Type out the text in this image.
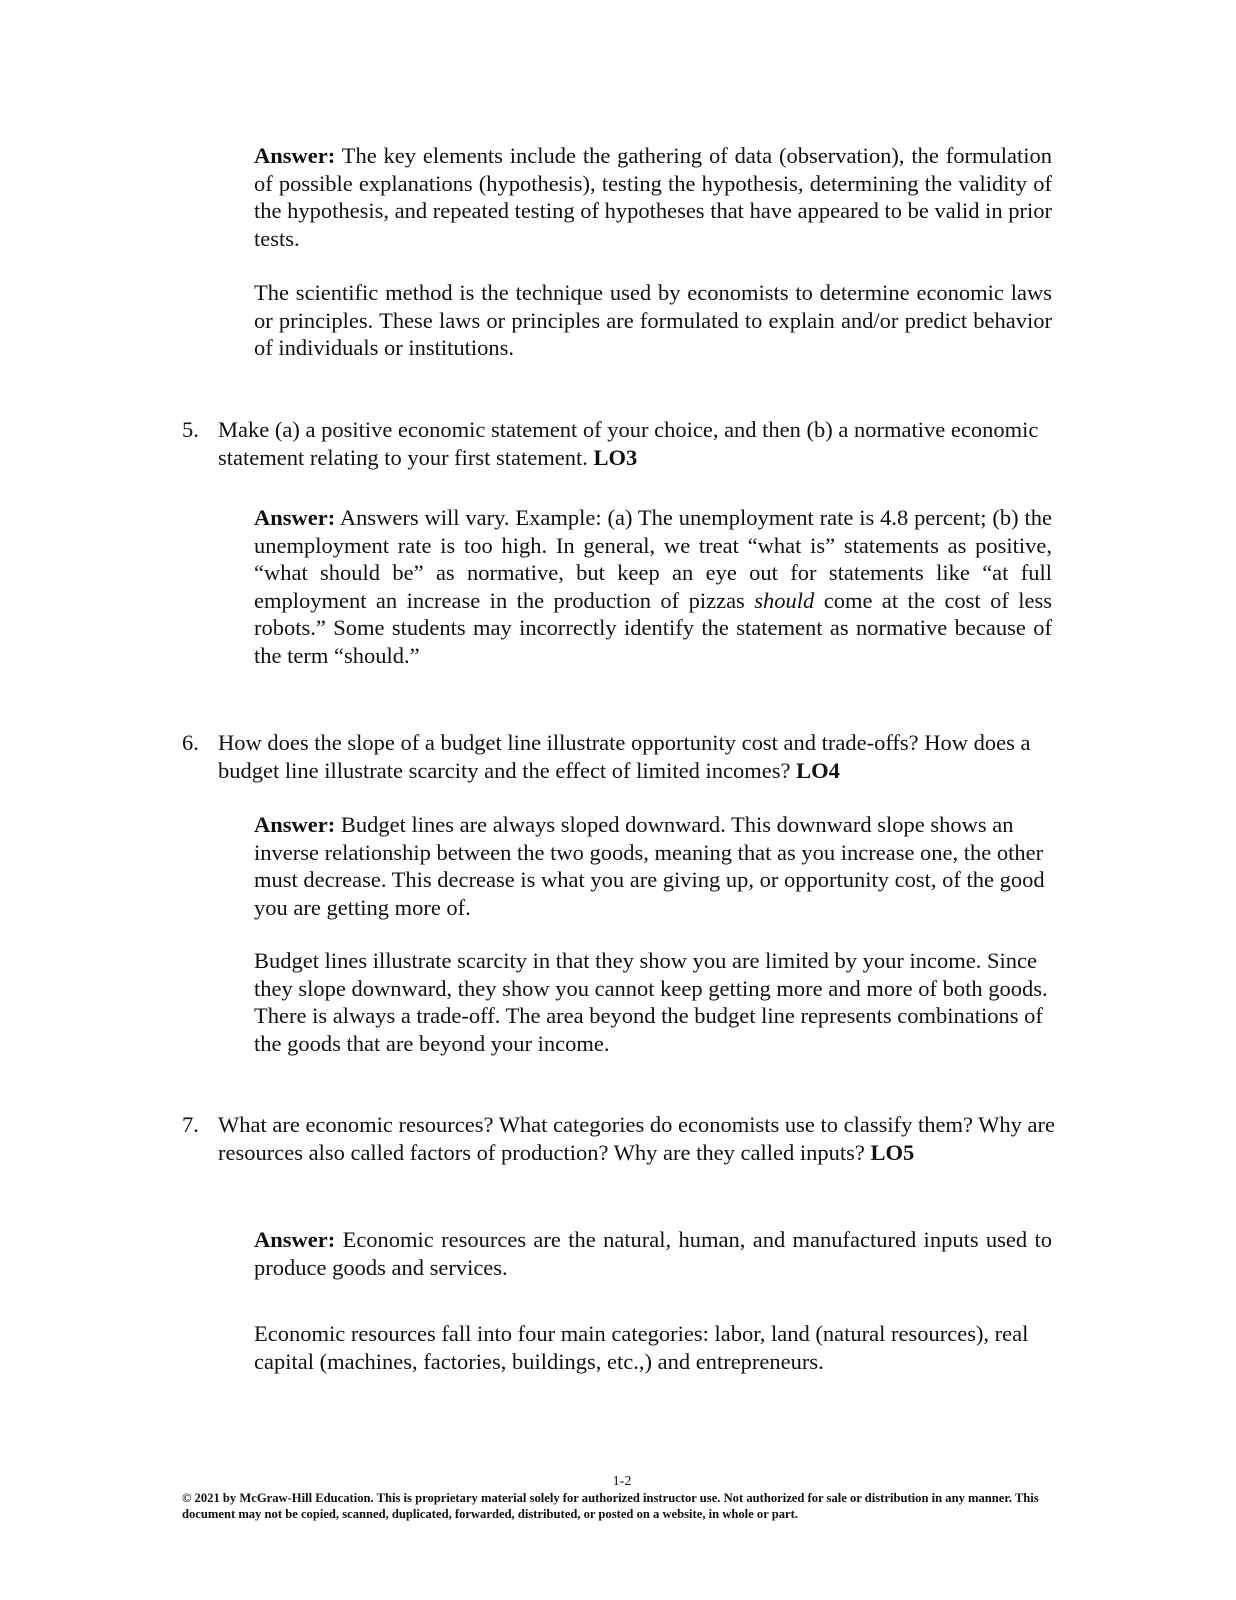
Answer: The key elements include the gathering of data (observation), the formulation of possible explanations (hypothesis), testing the hypothesis, determining the validity of the hypothesis, and repeated testing of hypotheses that have appeared to be valid in prior tests.
The scientific method is the technique used by economists to determine economic laws or principles. These laws or principles are formulated to explain and/or predict behavior of individuals or institutions.
5. Make (a) a positive economic statement of your choice, and then (b) a normative economic statement relating to your first statement. LO3
Answer: Answers will vary. Example: (a) The unemployment rate is 4.8 percent; (b) the unemployment rate is too high. In general, we treat “what is” statements as positive, “what should be” as normative, but keep an eye out for statements like “at full employment an increase in the production of pizzas should come at the cost of less robots.” Some students may incorrectly identify the statement as normative because of the term “should.”
6. How does the slope of a budget line illustrate opportunity cost and trade-offs? How does a budget line illustrate scarcity and the effect of limited incomes? LO4
Answer: Budget lines are always sloped downward. This downward slope shows an inverse relationship between the two goods, meaning that as you increase one, the other must decrease. This decrease is what you are giving up, or opportunity cost, of the good you are getting more of.
Budget lines illustrate scarcity in that they show you are limited by your income. Since they slope downward, they show you cannot keep getting more and more of both goods. There is always a trade-off. The area beyond the budget line represents combinations of the goods that are beyond your income.
7. What are economic resources? What categories do economists use to classify them? Why are resources also called factors of production? Why are they called inputs? LO5
Answer: Economic resources are the natural, human, and manufactured inputs used to produce goods and services.
Economic resources fall into four main categories: labor, land (natural resources), real capital (machines, factories, buildings, etc.,) and entrepreneurs.
1-2
© 2021 by McGraw-Hill Education. This is proprietary material solely for authorized instructor use. Not authorized for sale or distribution in any manner. This document may not be copied, scanned, duplicated, forwarded, distributed, or posted on a website, in whole or part.
